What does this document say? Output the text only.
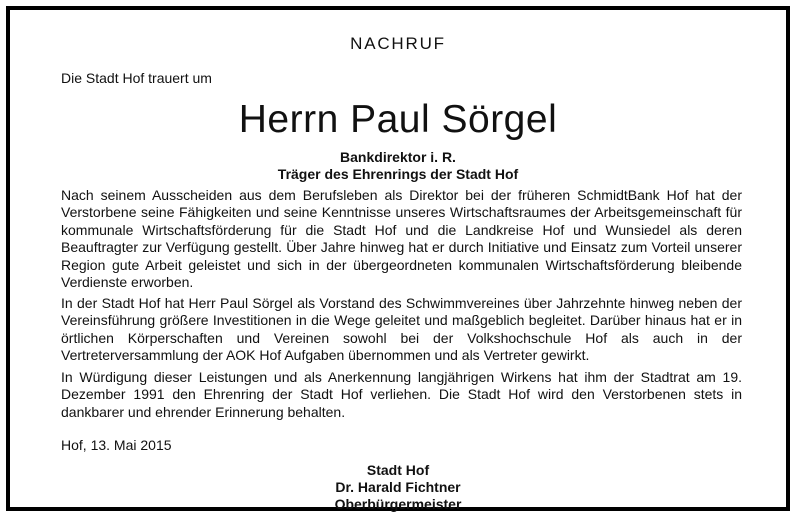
NACHRUF
Die Stadt Hof trauert um
Herrn Paul Sörgel
Bankdirektor i. R.
Träger des Ehrenrings der Stadt Hof

Nach seinem Ausscheiden aus dem Berufsleben als Direktor bei der früheren SchmidtBank Hof hat der Verstorbene seine Fähigkeiten und seine Kenntnisse unseres Wirtschaftsraumes der Arbeitsgemeinschaft für kommunale Wirtschaftsförderung für die Stadt Hof und die Landkreise Hof und Wunsiedel als deren Beauftragter zur Verfügung gestellt. Über Jahre hinweg hat er durch Initiative und Einsatz zum Vorteil unserer Region gute Arbeit geleistet und sich in der übergeordneten kommunalen Wirtschaftsförderung bleibende Verdienste erworben.

In der Stadt Hof hat Herr Paul Sörgel als Vorstand des Schwimmvereines über Jahrzehnte hinweg neben der Vereinsführung größere Investitionen in die Wege geleitet und maßgeblich begleitet. Darüber hinaus hat er in örtlichen Körperschaften und Vereinen sowohl bei der Volkshochschule Hof als auch in der Vertreterversammlung der AOK Hof Aufgaben übernommen und als Vertreter gewirkt.

In Würdigung dieser Leistungen und als Anerkennung langjährigen Wirkens hat ihm der Stadtrat am 19. Dezember 1991 den Ehrenring der Stadt Hof verliehen. Die Stadt Hof wird den Verstorbenen stets in dankbarer und ehrender Erinnerung behalten.

Hof, 13. Mai 2015
Stadt Hof
Dr. Harald Fichtner
Oberbürgermeister
